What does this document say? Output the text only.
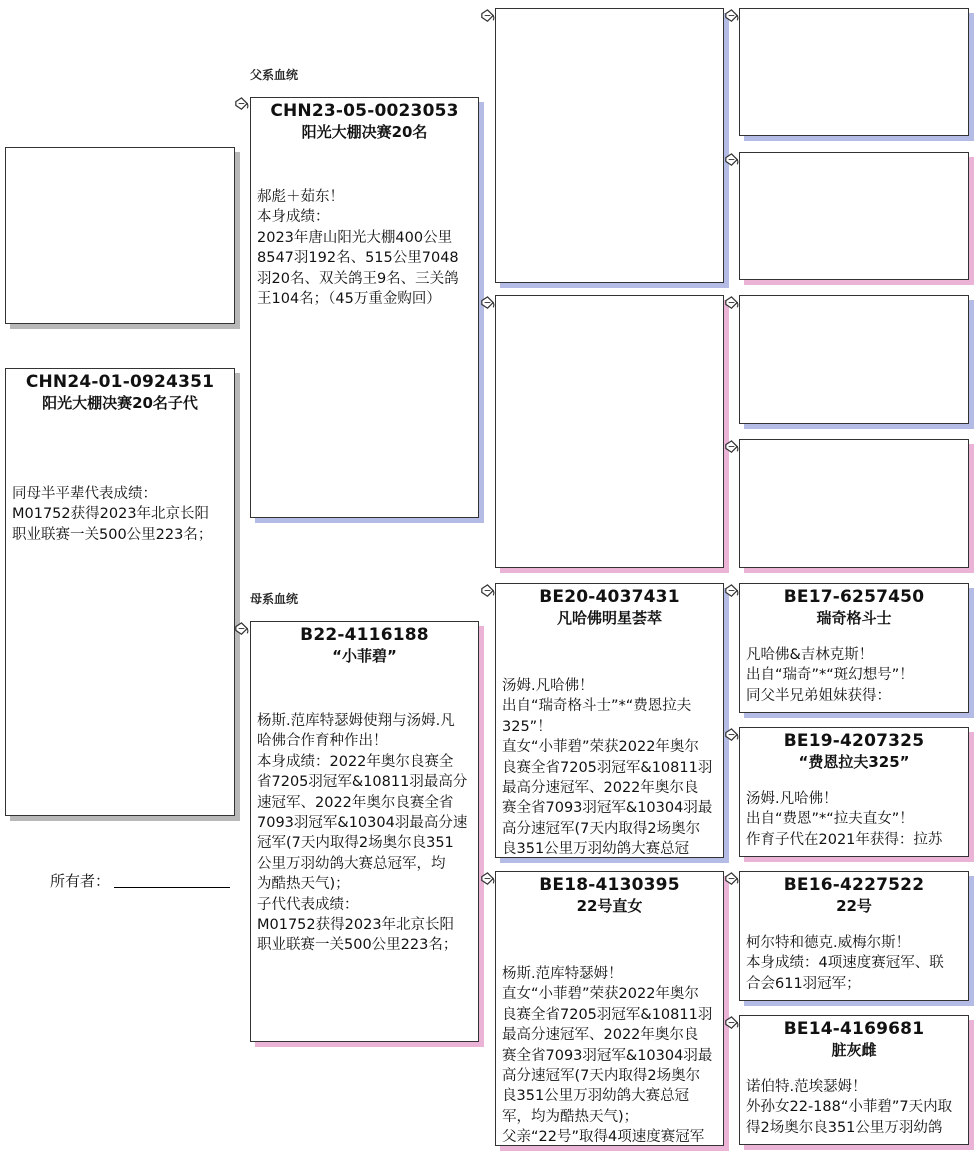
父系血统
母系血统
CHN24-01-0924351
阳光大棚决赛20名子代
同母半平辈代表成绩：
M01752获得2023年北京长阳
职业联赛一关500公里223名；
所有者：
CHN23-05-0023053
阳光大棚决赛20名
郝彪＋茹东！
本身成绩：
2023年唐山阳光大棚400公里
8547羽192名、515公里7048
羽20名、双关鸽王9名、三关鸽
王104名；（45万重金购回）
B22-4116188
“小菲碧”
杨斯.范库特瑟姆使翔与汤姆.凡
哈佛合作育种作出！
本身成绩：2022年奥尔良赛全
省7205羽冠军&10811羽最高分
速冠军、2022年奥尔良赛全省
7093羽冠军&10304羽最高分速
冠军(7天内取得2场奥尔良351
公里万羽幼鸽大赛总冠军，均
为酷热天气)；
子代代表成绩：
M01752获得2023年北京长阳
职业联赛一关500公里223名；
BE20-4037431
凡哈佛明星荟萃
汤姆.凡哈佛！
出自“瑞奇格斗士”*“费恩拉夫
325”！
直女“小菲碧”荣获2022年奥尔
良赛全省7205羽冠军&10811羽
最高分速冠军、2022年奥尔良
赛全省7093羽冠军&10304羽最
高分速冠军(7天内取得2场奥尔
良351公里万羽幼鸽大赛总冠
BE18-4130395
22号直女
杨斯.范库特瑟姆！
直女“小菲碧”荣获2022年奥尔
良赛全省7205羽冠军&10811羽
最高分速冠军、2022年奥尔良
赛全省7093羽冠军&10304羽最
高分速冠军(7天内取得2场奥尔
良351公里万羽幼鸽大赛总冠
军，均为酷热天气)；
父亲“22号”取得4项速度赛冠军
BE17-6257450
瑞奇格斗士
凡哈佛&吉林克斯！
出自“瑞奇”*“斑幻想号”！
同父半兄弟姐妹获得：
BE19-4207325
“费恩拉夫325”
汤姆.凡哈佛！
出自“费恩”*“拉夫直女”！
作育子代在2021年获得：拉苏
BE16-4227522
22号
柯尔特和德克.威梅尔斯！
本身成绩：4项速度赛冠军、联
合会611羽冠军；
BE14-4169681
脏灰雌
诺伯特.范埃瑟姆！
外孙女22-188“小菲碧”7天内取
得2场奥尔良351公里万羽幼鸽
